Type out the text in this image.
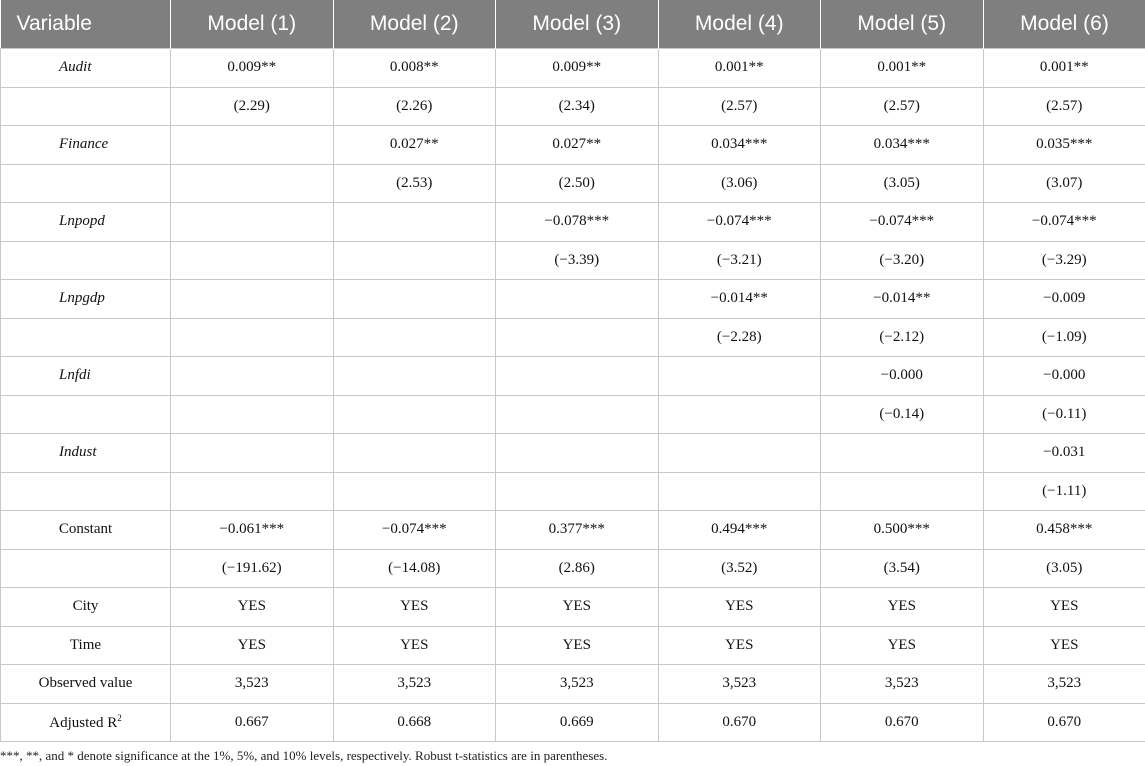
Variable	Model (1)	Model (2)	Model (3)	Model (4)	Model (5)	Model (6)
Audit	0.009**	0.008**	0.009**	0.001**	0.001**	0.001**
	(2.29)	(2.26)	(2.34)	(2.57)	(2.57)	(2.57)
Finance		0.027**	0.027**	0.034***	0.034***	0.035***
		(2.53)	(2.50)	(3.06)	(3.05)	(3.07)
Lnpopd			−0.078***	−0.074***	−0.074***	−0.074***
			(−3.39)	(−3.21)	(−3.20)	(−3.29)
Lnpgdp				−0.014**	−0.014**	−0.009
				(−2.28)	(−2.12)	(−1.09)
Lnfdi					−0.000	−0.000
					(−0.14)	(−0.11)
Indust						−0.031
						(−1.11)
Constant	−0.061***	−0.074***	0.377***	0.494***	0.500***	0.458***
	(−191.62)	(−14.08)	(2.86)	(3.52)	(3.54)	(3.05)
City	YES	YES	YES	YES	YES	YES
Time	YES	YES	YES	YES	YES	YES
Observed value	3,523	3,523	3,523	3,523	3,523	3,523
Adjusted $R^2$	0.667	0.668	0.669	0.670	0.670	0.670
***, **, and * denote significance at the 1%, 5%, and 10% levels, respectively. Robust t-statistics are in parentheses.
